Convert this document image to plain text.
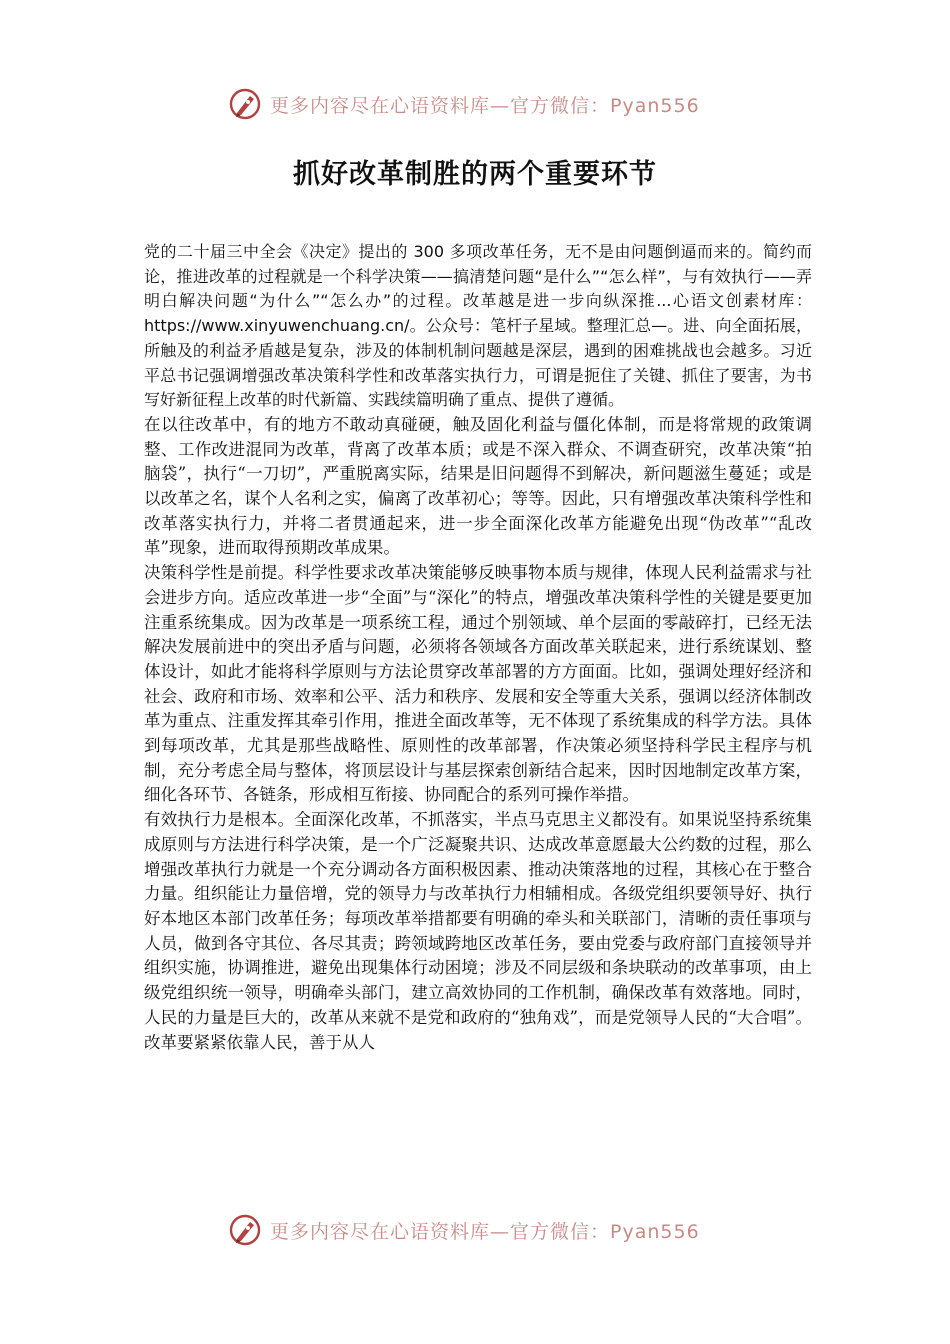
更多内容尽在心语资料库—官方微信：Pyan556
抓好改革制胜的两个重要环节

党的二十届三中全会《决定》提出的 300 多项改革任务，无不是由问题倒逼而来的。简约而论，推进改革的过程就是一个科学决策——搞清楚问题“是什么”“怎么样”，与有效执行——弄明白解决问题“为什么”“怎么办”的过程。改革越是进一步向纵深推...心语文创素材库：https://www.xinyuwenchuang.cn/。公众号：笔杆子星域。整理汇总—。进、向全面拓展，所触及的利益矛盾越是复杂，涉及的体制机制问题越是深层，遇到的困难挑战也会越多。习近平总书记强调增强改革决策科学性和改革落实执行力，可谓是扼住了关键、抓住了要害，为书写好新征程上改革的时代新篇、实践续篇明确了重点、提供了遵循。

在以往改革中，有的地方不敢动真碰硬，触及固化利益与僵化体制，而是将常规的政策调整、工作改进混同为改革，背离了改革本质；或是不深入群众、不调查研究，改革决策“拍脑袋”，执行“一刀切”，严重脱离实际，结果是旧问题得不到解决，新问题滋生蔓延；或是以改革之名，谋个人名利之实，偏离了改革初心；等等。因此，只有增强改革决策科学性和改革落实执行力，并将二者贯通起来，进一步全面深化改革方能避免出现“伪改革”“乱改革”现象，进而取得预期改革成果。

决策科学性是前提。科学性要求改革决策能够反映事物本质与规律，体现人民利益需求与社会进步方向。适应改革进一步“全面”与“深化”的特点，增强改革决策科学性的关键是要更加注重系统集成。因为改革是一项系统工程，通过个别领域、单个层面的零敲碎打，已经无法解决发展前进中的突出矛盾与问题，必须将各领域各方面改革关联起来，进行系统谋划、整体设计，如此才能将科学原则与方法论贯穿改革部署的方方面面。比如，强调处理好经济和社会、政府和市场、效率和公平、活力和秩序、发展和安全等重大关系，强调以经济体制改革为重点、注重发挥其牵引作用，推进全面改革等，无不体现了系统集成的科学方法。具体到每项改革，尤其是那些战略性、原则性的改革部署，作决策必须坚持科学民主程序与机制，充分考虑全局与整体，将顶层设计与基层探索创新结合起来，因时因地制定改革方案，细化各环节、各链条，形成相互衔接、协同配合的系列可操作举措。

有效执行力是根本。全面深化改革，不抓落实，半点马克思主义都没有。如果说坚持系统集成原则与方法进行科学决策，是一个广泛凝聚共识、达成改革意愿最大公约数的过程，那么增强改革执行力就是一个充分调动各方面积极因素、推动决策落地的过程，其核心在于整合力量。组织能让力量倍增，党的领导力与改革执行力相辅相成。各级党组织要领导好、执行好本地区本部门改革任务；每项改革举措都要有明确的牵头和关联部门，清晰的责任事项与人员，做到各守其位、各尽其责；跨领域跨地区改革任务，要由党委与政府部门直接领导并组织实施，协调推进，避免出现集体行动困境；涉及不同层级和条块联动的改革事项，由上级党组织统一领导，明确牵头部门，建立高效协同的工作机制，确保改革有效落地。同时，人民的力量是巨大的，改革从来就不是党和政府的“独角戏”，而是党领导人民的“大合唱”。改革要紧紧依靠人民，善于从人

更多内容尽在心语资料库—官方微信：Pyan556
